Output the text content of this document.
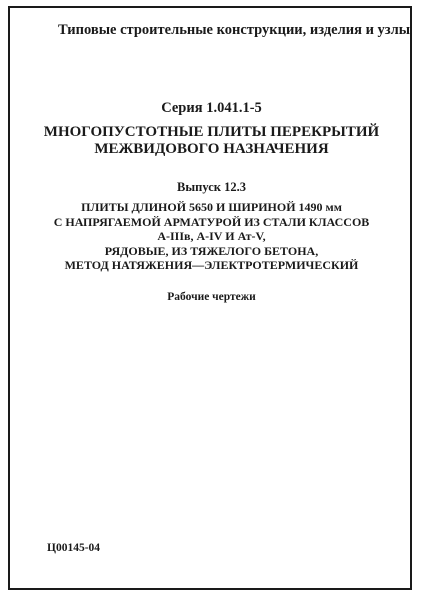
Типовые строительные конструкции, изделия и узлы
Серия 1.041.1-5
МНОГОПУСТОТНЫЕ ПЛИТЫ ПЕРЕКРЫТИЙ
МЕЖВИДОВОГО НАЗНАЧЕНИЯ
Выпуск 12.3
ПЛИТЫ ДЛИНОЙ 5650 И ШИРИНОЙ 1490 мм
С НАПРЯГАЕМОЙ АРМАТУРОЙ ИЗ СТАЛИ КЛАССОВ
А-IIIв, А-IV И Ат-V,
РЯДОВЫЕ, ИЗ ТЯЖЕЛОГО БЕТОНА,
МЕТОД НАТЯЖЕНИЯ—ЭЛЕКТРОТЕРМИЧЕСКИЙ
Рабочие чертежи
Ц00145-04
